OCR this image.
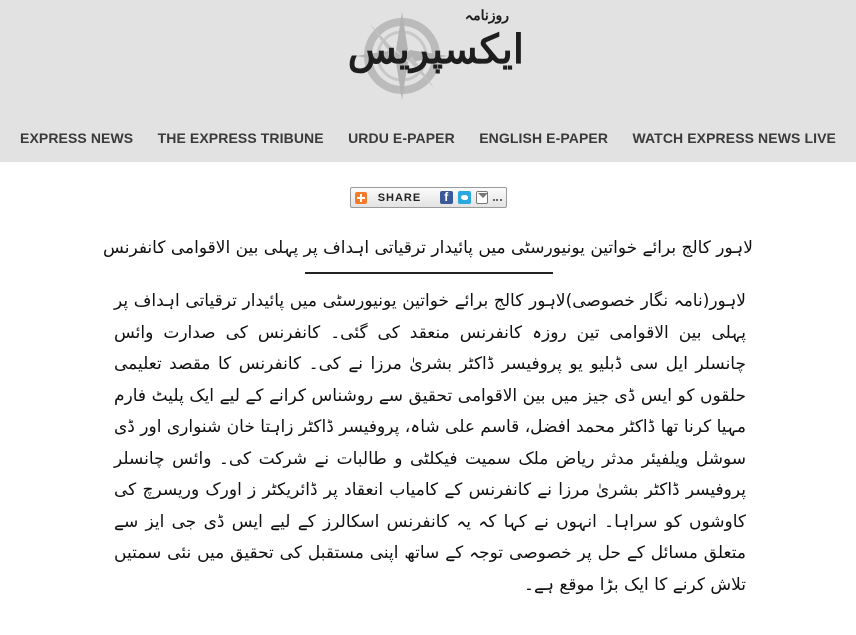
ایکسپریس
روزنامہ
EXPRESS NEWS THE EXPRESS TRIBUNE URDU E-PAPER ENGLISH E-PAPER WATCH EXPRESS NEWS LIVE
SHARE
f
لاہور کالج برائے خواتین یونیورسٹی میں پائیدار ترقیاتی اہداف پر پہلی بین الاقوامی کانفرنس

لاہور(نامہ نگار خصوصی)لاہور کالج برائے خواتین یونیورسٹی میں پائیدار ترقیاتی اہداف پر پہلی بین الاقوامی تین روزہ کانفرنس منعقد کی گئی۔ کانفرنس کی صدارت وائس چانسلر ایل سی ڈبلیو یو پروفیسر ڈاکٹر بشریٰ مرزا نے کی۔ کانفرنس کا مقصد تعلیمی حلقوں کو ایس ڈی جیز میں بین الاقوامی تحقیق سے روشناس کرانے کے لیے ایک پلیٹ فارم مہیا کرنا تھا ڈاکٹر محمد افضل، قاسم علی شاہ، پروفیسر ڈاکٹر زاہتا خان شنواری اور ڈی سوشل ویلفیئر مدثر ریاض ملک سمیت فیکلٹی و طالبات نے شرکت کی۔ وائس چانسلر پروفیسر ڈاکٹر بشریٰ مرزا نے کانفرنس کے کامیاب انعقاد پر ڈائریکٹر ز اورک وریسرچ کی کاوشوں کو سراہا۔ انہوں نے کہا کہ یہ کانفرنس اسکالرز کے لیے ایس ڈی جی ایز سے متعلق مسائل کے حل پر خصوصی توجہ کے ساتھ اپنی مستقبل کی تحقیق میں نئی سمتیں تلاش کرنے کا ایک بڑا موقع ہے۔
